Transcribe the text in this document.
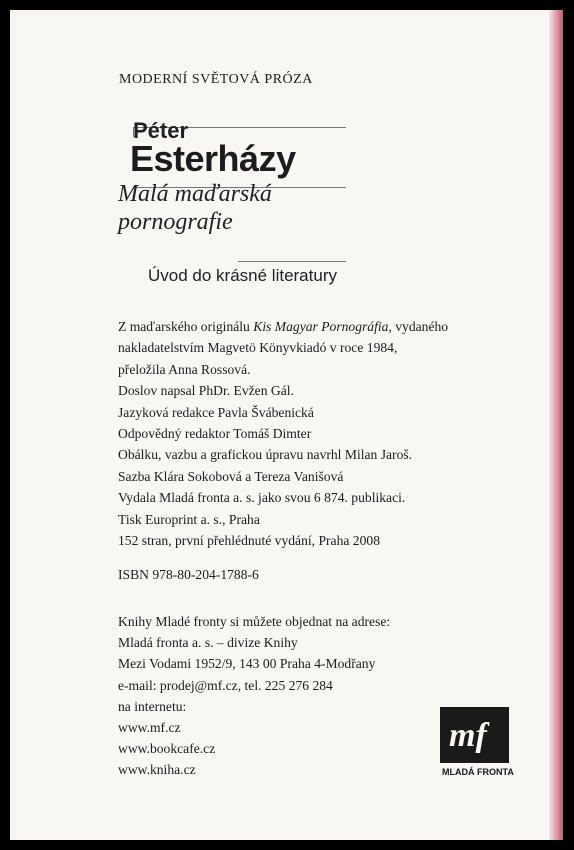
MODERNÍ SVĚTOVÁ PRÓZA
Péter
Esterházy
Malá maďarská
pornografie
Úvod do krásné literatury
Z maďarského originálu Kis Magyar Pornográfia, vydaného
nakladatelstvím Magvetö Könyvkiadó v roce 1984,
přeložila Anna Rossová.
Doslov napsal PhDr. Evžen Gál.
Jazyková redakce Pavla Švábenická
Odpovědný redaktor Tomáš Dimter
Obálku, vazbu a grafickou úpravu navrhl Milan Jaroš.
Sazba Klára Sokobová a Tereza Vanišová
Vydala Mladá fronta a. s. jako svou 6 874. publikaci.
Tisk Europrint a. s., Praha
152 stran, první přehlédnuté vydání, Praha 2008
ISBN 978-80-204-1788-6
Knihy Mladé fronty si můžete objednat na adrese:
Mladá fronta a. s. – divize Knihy
Mezi Vodami 1952/9, 143 00 Praha 4-Modřany
e-mail: prodej@mf.cz, tel. 225 276 284
na internetu:
www.mf.cz
www.bookcafe.cz
www.kniha.cz
mf
MLADÁ FRONTA
